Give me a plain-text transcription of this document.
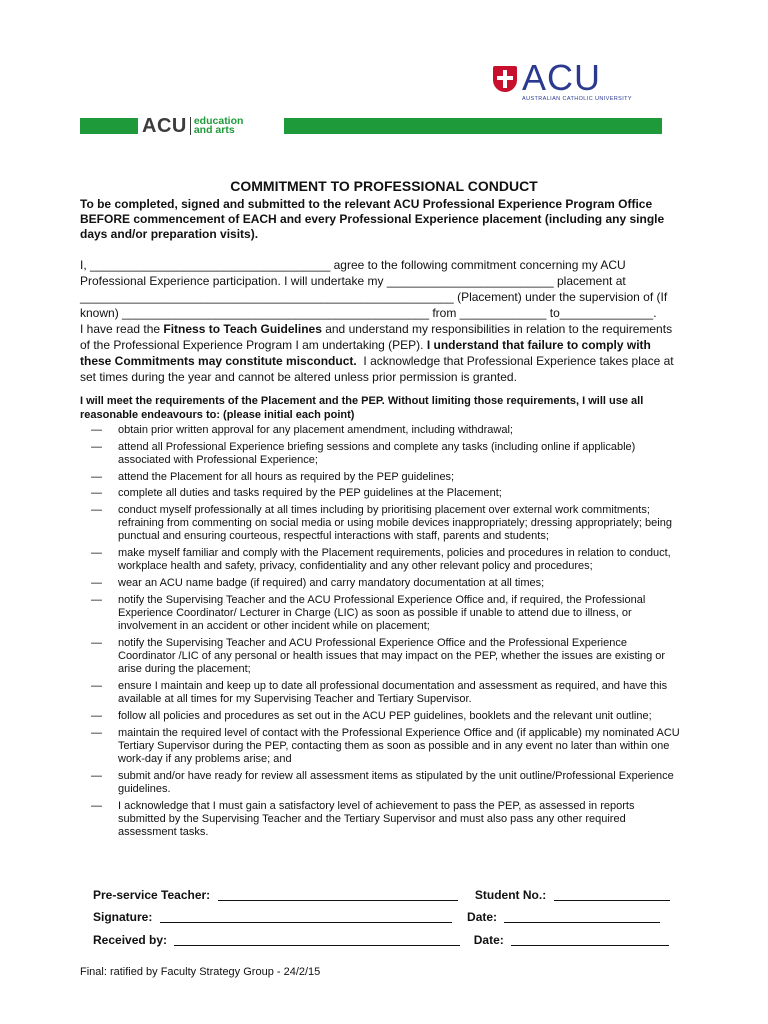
ACU
AUSTRALIAN CATHOLIC UNIVERSITY
ACU education
and arts
COMMITMENT TO PROFESSIONAL CONDUCT
To be completed, signed and submitted to the relevant ACU Professional Experience Program Office BEFORE commencement of EACH and every Professional Experience placement (including any single days and/or preparation visits).
I, ____________________________________ agree to the following commitment concerning my ACU
Professional Experience participation. I will undertake my _________________________ placement at
________________________________________________________ (Placement) under the supervision of (If
known) ______________________________________________ from _____________ to______________.
I have read the Fitness to Teach Guidelines and understand my responsibilities in relation to the requirements
of the Professional Experience Program I am undertaking (PEP). I understand that failure to comply with
these Commitments may constitute misconduct.  I acknowledge that Professional Experience takes place at
set times during the year and cannot be altered unless prior permission is granted.
I will meet the requirements of the Placement and the PEP. Without limiting those requirements, I will use all reasonable endeavours to: (please initial each point)
—	obtain prior written approval for any placement amendment, including withdrawal;
—	attend all Professional Experience briefing sessions and complete any tasks (including online if applicable) associated with Professional Experience;
—	attend the Placement for all hours as required by the PEP guidelines;
—	complete all duties and tasks required by the PEP guidelines at the Placement;
—	conduct myself professionally at all times including by prioritising placement over external work commitments; refraining from commenting on social media or using mobile devices inappropriately; dressing appropriately; being punctual and ensuring courteous, respectful interactions with staff, parents and students;
—	make myself familiar and comply with the Placement requirements, policies and procedures in relation to conduct, workplace health and safety, privacy, confidentiality and any other relevant policy and procedures;
—	wear an ACU name badge (if required) and carry mandatory documentation at all times;
—	notify the Supervising Teacher and the ACU Professional Experience Office and, if required, the Professional Experience Coordinator/ Lecturer in Charge (LIC) as soon as possible if unable to attend due to illness, or involvement in an accident or other incident while on placement;
—	notify the Supervising Teacher and ACU Professional Experience Office and the Professional Experience Coordinator /LIC of any personal or health issues that may impact on the PEP, whether the issues are existing or arise during the placement;
—	ensure I maintain and keep up to date all professional documentation and assessment as required, and have this available at all times for my Supervising Teacher and Tertiary Supervisor.
—	follow all policies and procedures as set out in the ACU PEP guidelines, booklets and the relevant unit outline;
—	maintain the required level of contact with the Professional Experience Office and (if applicable) my nominated ACU Tertiary Supervisor during the PEP, contacting them as soon as possible and in any event no later than within one work-day if any problems arise; and
—	submit and/or have ready for review all assessment items as stipulated by the unit outline/Professional Experience guidelines.
—	I acknowledge that I must gain a satisfactory level of achievement to pass the PEP, as assessed in reports submitted by the Supervising Teacher and the Tertiary Supervisor and must also pass any other required assessment tasks.
Pre-service Teacher:	Student No.:
Signature:	Date:
Received by:	Date:
Final: ratified by Faculty Strategy Group - 24/2/15
